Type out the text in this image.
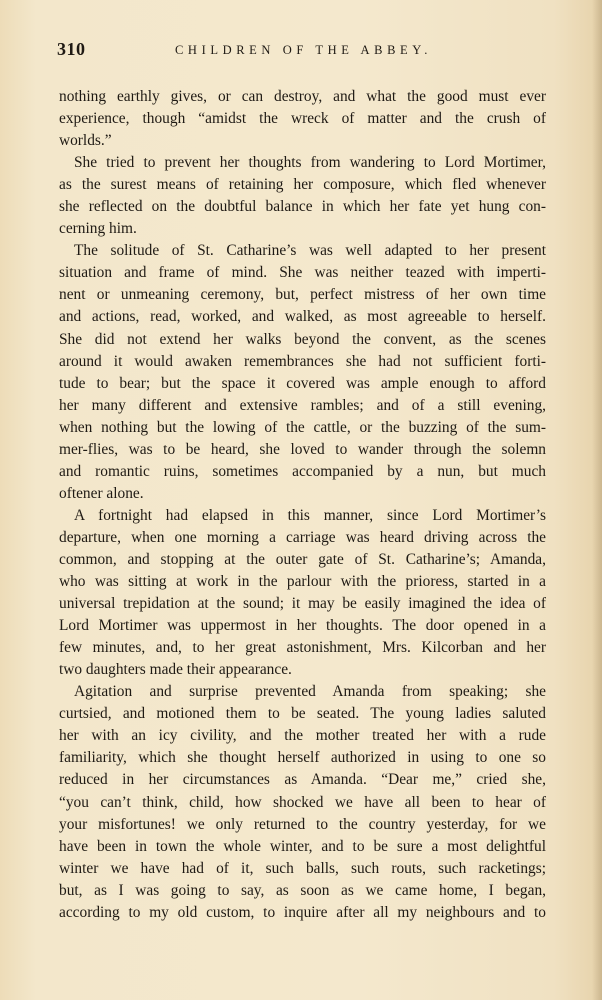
310	CHILDREN OF THE ABBEY.
nothing earthly gives, or can destroy, and what the good must ever
experience, though “amidst the wreck of matter and the crush of
worlds.”
She tried to prevent her thoughts from wandering to Lord Mortimer,
as the surest means of retaining her composure, which fled whenever
she reflected on the doubtful balance in which her fate yet hung con-
cerning him.
The solitude of St. Catharine’s was well adapted to her present
situation and frame of mind. She was neither teazed with imperti-
nent or unmeaning ceremony, but, perfect mistress of her own time
and actions, read, worked, and walked, as most agreeable to herself.
She did not extend her walks beyond the convent, as the scenes
around it would awaken remembrances she had not sufficient forti-
tude to bear; but the space it covered was ample enough to afford
her many different and extensive rambles; and of a still evening,
when nothing but the lowing of the cattle, or the buzzing of the sum-
mer-flies, was to be heard, she loved to wander through the solemn
and romantic ruins, sometimes accompanied by a nun, but much
oftener alone.
A fortnight had elapsed in this manner, since Lord Mortimer’s
departure, when one morning a carriage was heard driving across the
common, and stopping at the outer gate of St. Catharine’s; Amanda,
who was sitting at work in the parlour with the prioress, started in a
universal trepidation at the sound; it may be easily imagined the idea of
Lord Mortimer was uppermost in her thoughts. The door opened in a
few minutes, and, to her great astonishment, Mrs. Kilcorban and her
two daughters made their appearance.
Agitation and surprise prevented Amanda from speaking; she
curtsied, and motioned them to be seated. The young ladies saluted
her with an icy civility, and the mother treated her with a rude
familiarity, which she thought herself authorized in using to one so
reduced in her circumstances as Amanda. “Dear me,” cried she,
“you can’t think, child, how shocked we have all been to hear of
your misfortunes! we only returned to the country yesterday, for we
have been in town the whole winter, and to be sure a most delightful
winter we have had of it, such balls, such routs, such racketings;
but, as I was going to say, as soon as we came home, I began,
according to my old custom, to inquire after all my neighbours and to
